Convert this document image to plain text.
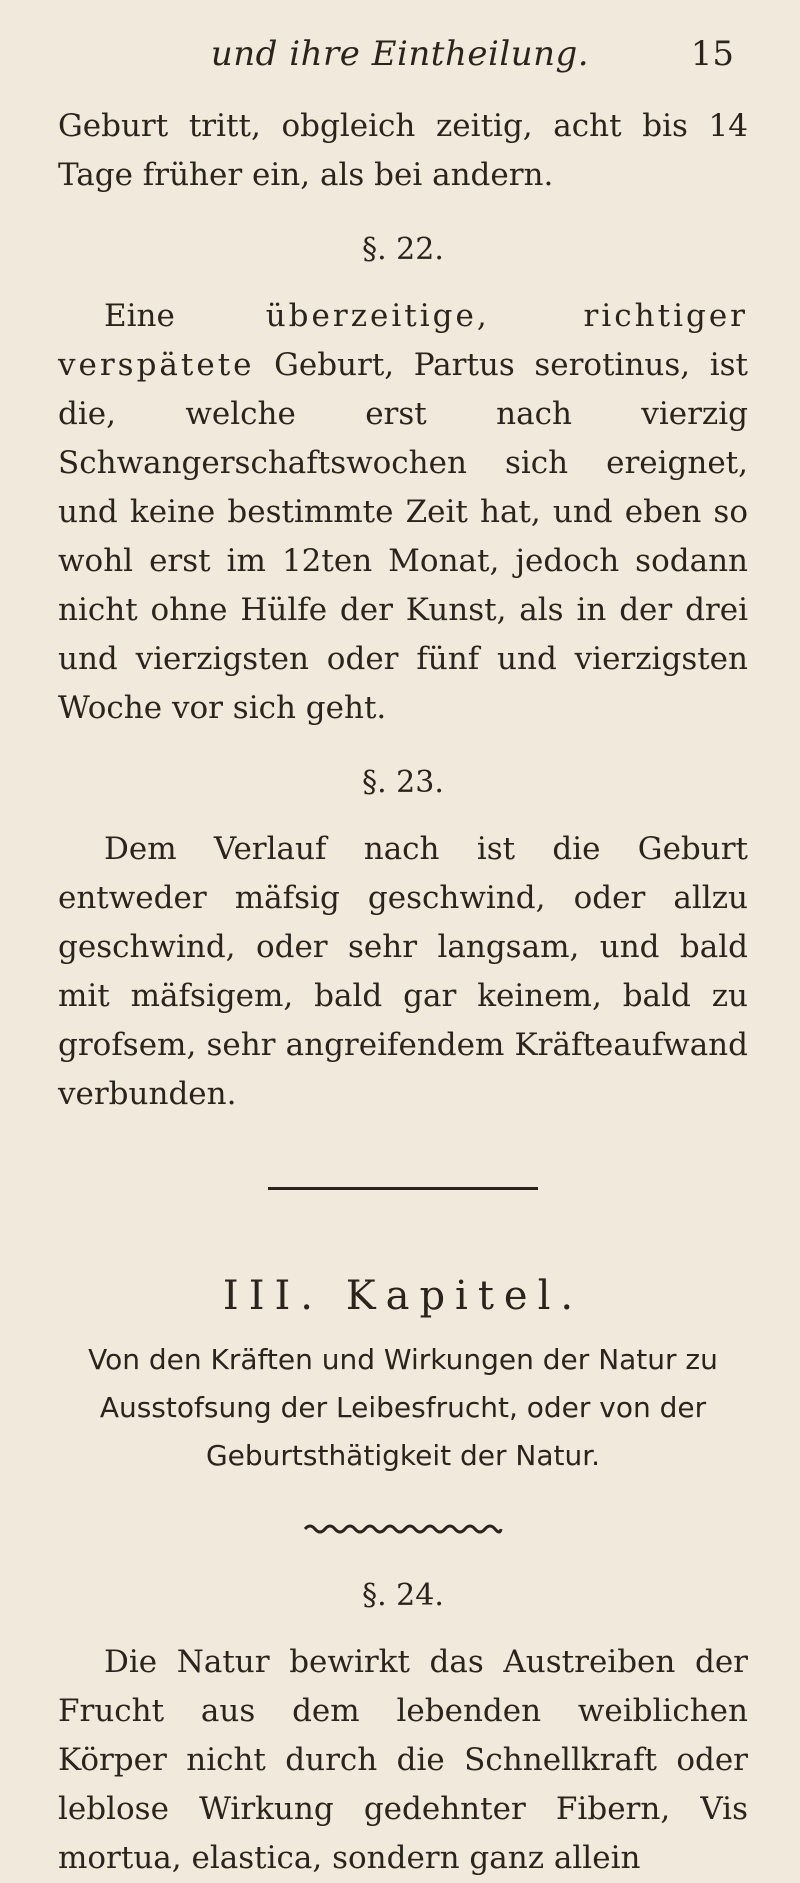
und ihre Eintheilung.	15

Geburt tritt, obgleich zeitig, acht bis 14 Tage früher ein, als bei andern.

§. 22.

Eine überzeitige, richtiger verspätete Geburt, Partus serotinus, ist die, welche erst nach vierzig Schwangerschaftswochen sich ereignet, und keine bestimmte Zeit hat, und eben so wohl erst im 12ten Monat, jedoch sodann nicht ohne Hülfe der Kunst, als in der drei und vierzigsten oder fünf und vierzigsten Woche vor sich geht.

§. 23.

Dem Verlauf nach ist die Geburt entweder mäfsig geschwind, oder allzu geschwind, oder sehr langsam, und bald mit mäfsigem, bald gar keinem, bald zu grofsem, sehr angreifendem Kräfteaufwand verbunden.

III. Kapitel.

Von den Kräften und Wirkungen der Natur zu Ausstofsung der Leibesfrucht, oder von der Geburtsthätigkeit der Natur.

§. 24.

Die Natur bewirkt das Austreiben der Frucht aus dem lebenden weiblichen Körper nicht durch die Schnellkraft oder leblose Wirkung gedehnter Fibern, Vis mortua, elastica, sondern ganz allein
